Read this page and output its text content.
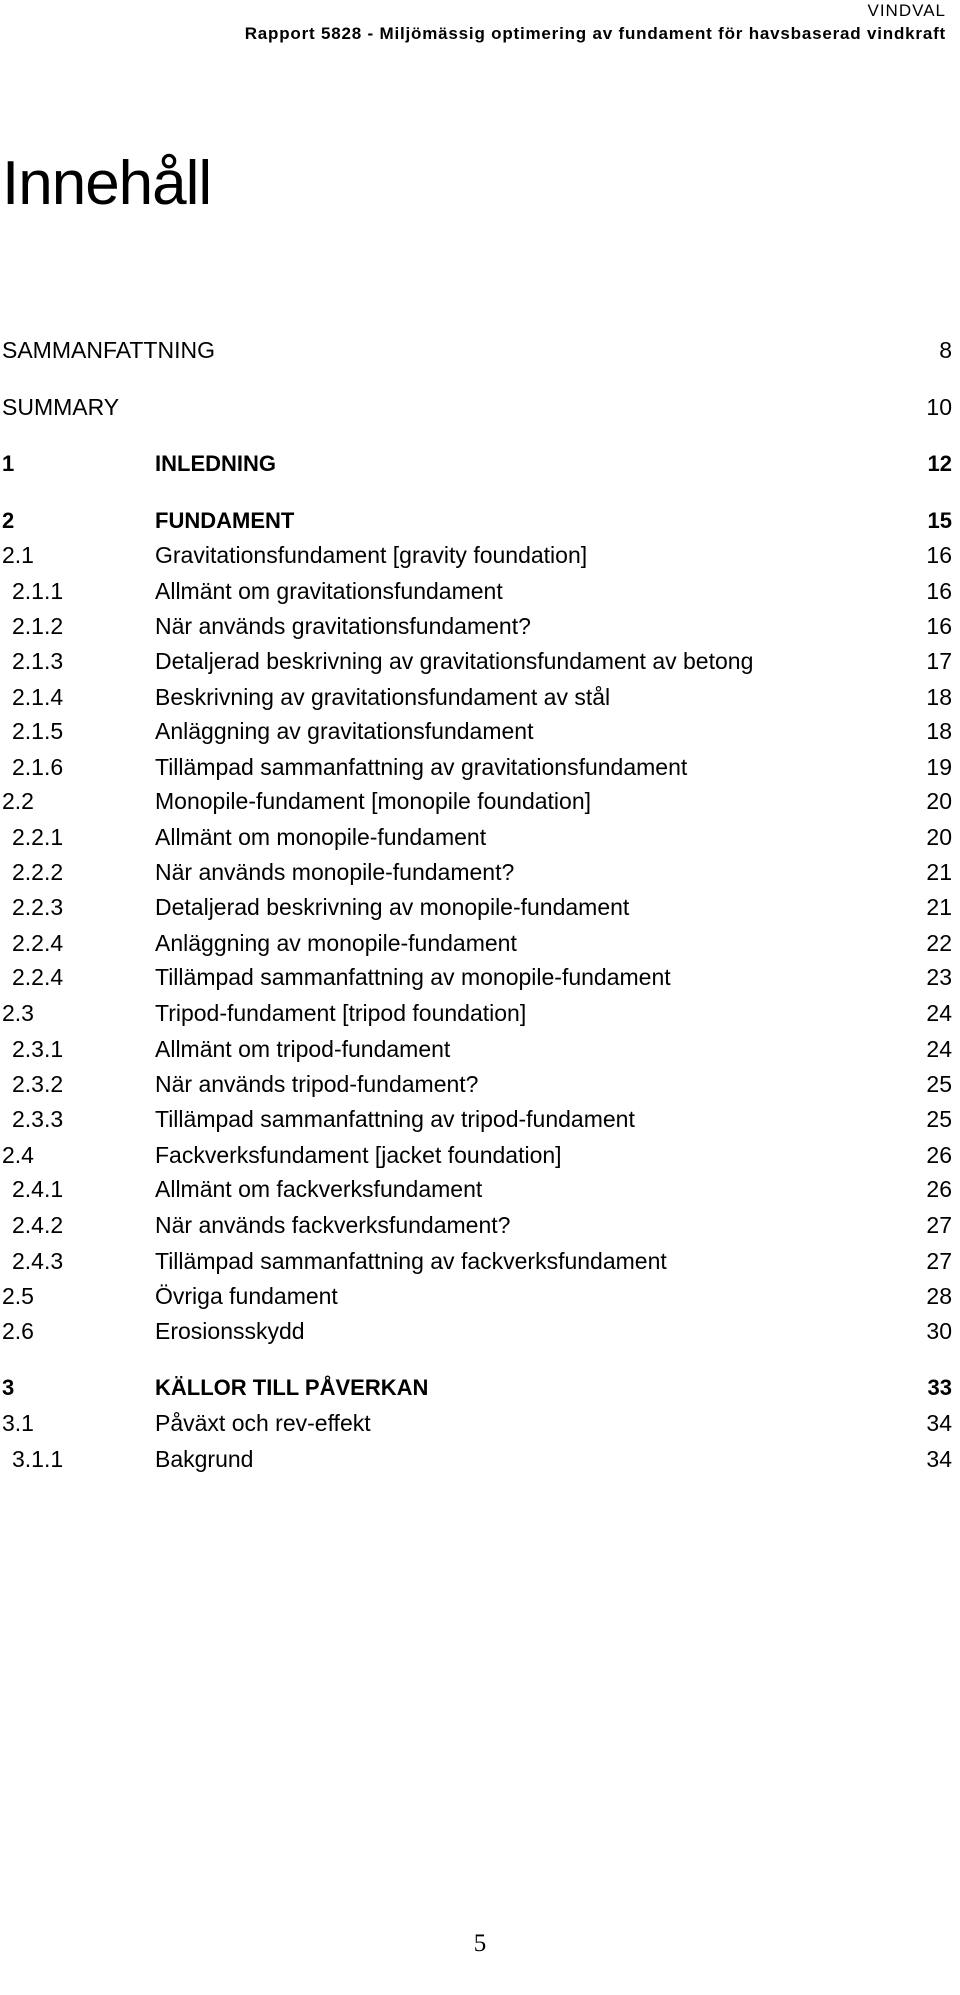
VINDVAL
Rapport 5828 - Miljömässig optimering av fundament för havsbaserad vindkraft
Innehåll
SAMMANFATTNING	8
SUMMARY	10
1	INLEDNING	12
2	FUNDAMENT	15
2.1	Gravitationsfundament [gravity foundation]	16
2.1.1	Allmänt om gravitationsfundament	16
2.1.2	När används gravitationsfundament?	16
2.1.3	Detaljerad beskrivning av gravitationsfundament av betong	17
2.1.4	Beskrivning av gravitationsfundament av stål	18
2.1.5	Anläggning av gravitationsfundament	18
2.1.6	Tillämpad sammanfattning av gravitationsfundament	19
2.2	Monopile-fundament [monopile foundation]	20
2.2.1	Allmänt om monopile-fundament	20
2.2.2	När används monopile-fundament?	21
2.2.3	Detaljerad beskrivning av monopile-fundament	21
2.2.4	Anläggning av monopile-fundament	22
2.2.4	Tillämpad sammanfattning av monopile-fundament	23
2.3	Tripod-fundament [tripod foundation]	24
2.3.1	Allmänt om tripod-fundament	24
2.3.2	När används tripod-fundament?	25
2.3.3	Tillämpad sammanfattning av tripod-fundament	25
2.4	Fackverksfundament [jacket foundation]	26
2.4.1	Allmänt om fackverksfundament	26
2.4.2	När används fackverksfundament?	27
2.4.3	Tillämpad sammanfattning av fackverksfundament	27
2.5	Övriga fundament	28
2.6	Erosionsskydd	30
3	KÄLLOR TILL PÅVERKAN	33
3.1	Påväxt och rev-effekt	34
3.1.1	Bakgrund	34
5
